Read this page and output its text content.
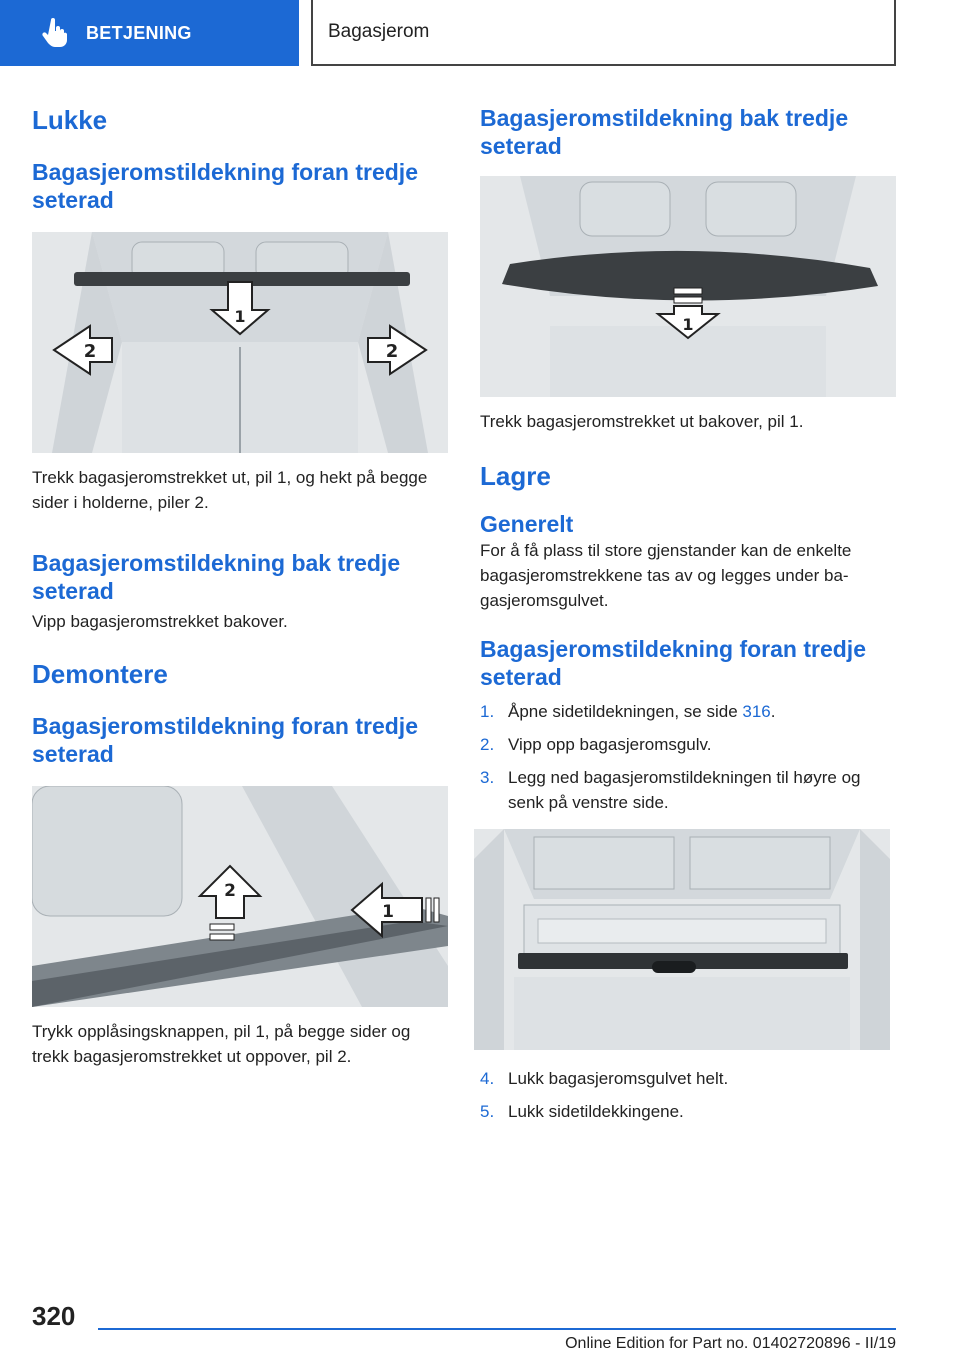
BETJENING	Bagasjerom
Lukke
Bagasjeromstildekning foran tredje seterad
1
2	2

Trekk bagasjeromstrekket ut, pil 1, og hekt på begge sider i holderne, piler 2.

Bagasjeromstildekning bak tredje seterad

Vipp bagasjeromstrekket bakover.

Demontere
Bagasjeromstildekning foran tredje seterad
2
1

Trykk opplåsingsknappen, pil 1, på begge sider og trekk bagasjeromstrekket ut oppover, pil 2.

Bagasjeromstildekning bak tredje seterad
1

Trekk bagasjeromstrekket ut bakover, pil 1.

Lagre
Generelt

For å få plass til store gjenstander kan de enkelte bagasjeromstrekkene tas av og legges under bagasjeromsgulvet.

Bagasjeromstildekning foran tredje seterad
1. Åpne sidetildekningen, se side 316.
2. Vipp opp bagasjeromsgulv.
3. Legg ned bagasjeromstildekningen til høyre og senk på venstre side.
4. Lukk bagasjeromsgulvet helt.
5. Lukk sidetildekkingene.
320
Online Edition for Part no. 01402720896 - II/19
